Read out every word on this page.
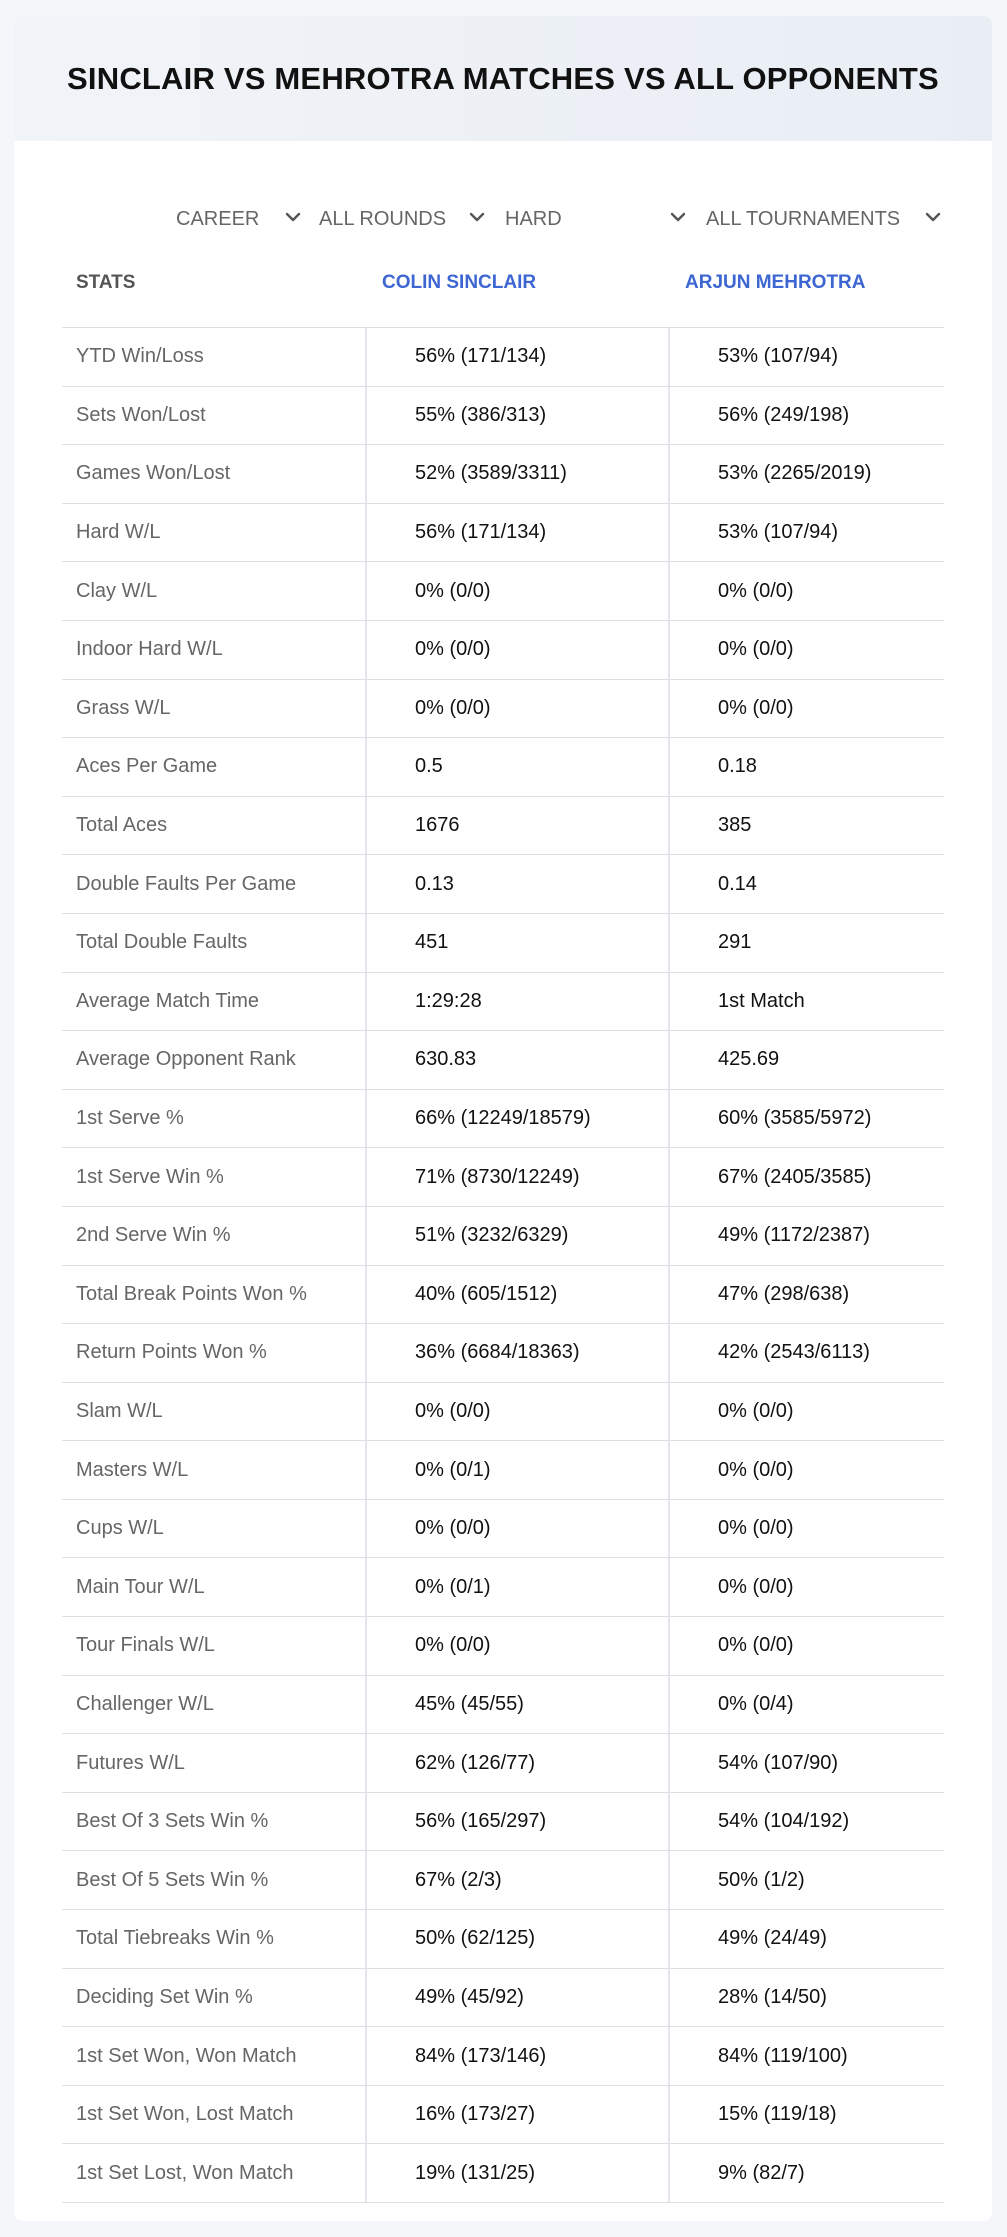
SINCLAIR VS MEHROTRA MATCHES VS ALL OPPONENTS
CAREER	ALL ROUNDS	HARD	ALL TOURNAMENTS
STATS	COLIN SINCLAIR	ARJUN MEHROTRA
YTD Win/Loss	56% (171/134)	53% (107/94)
Sets Won/Lost	55% (386/313)	56% (249/198)
Games Won/Lost	52% (3589/3311)	53% (2265/2019)
Hard W/L	56% (171/134)	53% (107/94)
Clay W/L	0% (0/0)	0% (0/0)
Indoor Hard W/L	0% (0/0)	0% (0/0)
Grass W/L	0% (0/0)	0% (0/0)
Aces Per Game	0.5	0.18
Total Aces	1676	385
Double Faults Per Game	0.13	0.14
Total Double Faults	451	291
Average Match Time	1:29:28	1st Match
Average Opponent Rank	630.83	425.69
1st Serve %	66% (12249/18579)	60% (3585/5972)
1st Serve Win %	71% (8730/12249)	67% (2405/3585)
2nd Serve Win %	51% (3232/6329)	49% (1172/2387)
Total Break Points Won %	40% (605/1512)	47% (298/638)
Return Points Won %	36% (6684/18363)	42% (2543/6113)
Slam W/L	0% (0/0)	0% (0/0)
Masters W/L	0% (0/1)	0% (0/0)
Cups W/L	0% (0/0)	0% (0/0)
Main Tour W/L	0% (0/1)	0% (0/0)
Tour Finals W/L	0% (0/0)	0% (0/0)
Challenger W/L	45% (45/55)	0% (0/4)
Futures W/L	62% (126/77)	54% (107/90)
Best Of 3 Sets Win %	56% (165/297)	54% (104/192)
Best Of 5 Sets Win %	67% (2/3)	50% (1/2)
Total Tiebreaks Win %	50% (62/125)	49% (24/49)
Deciding Set Win %	49% (45/92)	28% (14/50)
1st Set Won, Won Match	84% (173/146)	84% (119/100)
1st Set Won, Lost Match	16% (173/27)	15% (119/18)
1st Set Lost, Won Match	19% (131/25)	9% (82/7)
